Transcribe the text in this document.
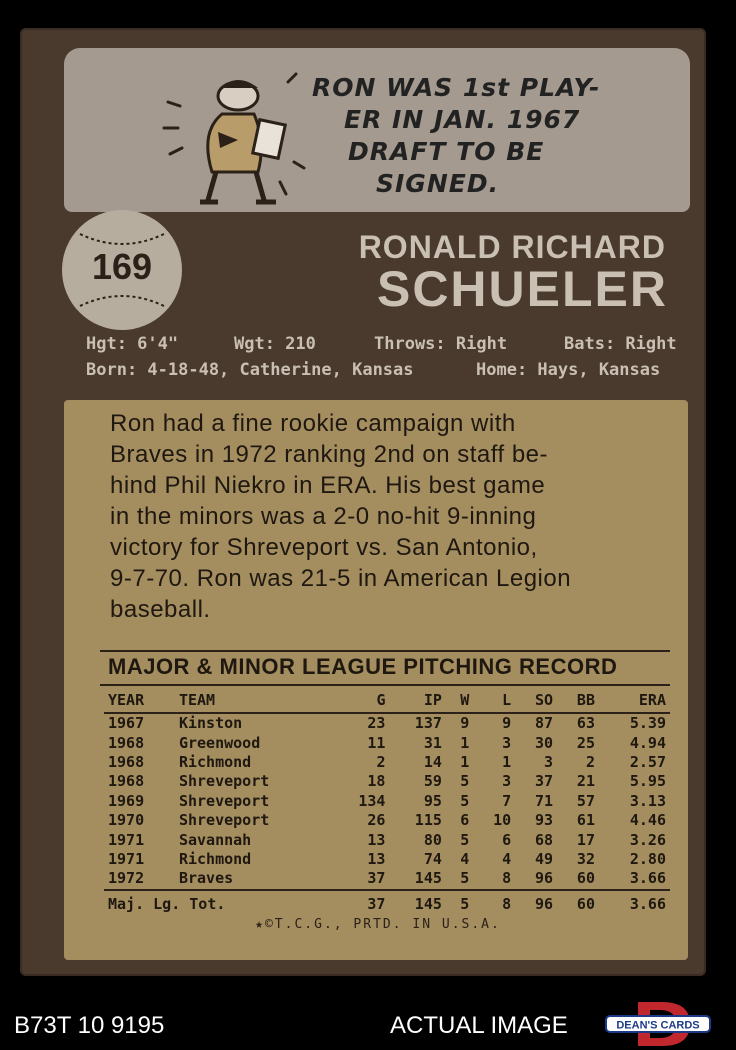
RON WAS 1st PLAY-
ER IN JAN. 1967
DRAFT TO BE
SIGNED.
169	RONALD RICHARD
SCHUELER
Hgt: 6'4"	Wgt: 210	Throws: Right	Bats: Right
Born: 4-18-48, Catherine, Kansas	Home: Hays, Kansas
Ron had a fine rookie campaign with
Braves in 1972 ranking 2nd on staff be-
hind Phil Niekro in ERA. His best game
in the minors was a 2-0 no-hit 9-inning
victory for Shreveport vs. San Antonio,
9-7-70. Ron was 21-5 in American Legion
baseball.
MAJOR & MINOR LEAGUE PITCHING RECORD
YEAR	TEAM	G	IP	W	L	SO	BB	ERA
1967	Kinston	23	137	9	9	87	63	5.39
1968	Greenwood	11	31	1	3	30	25	4.94
1968	Richmond	2	14	1	1	3	2	2.57
1968	Shreveport	18	59	5	3	37	21	5.95
1969	Shreveport	134	95	5	7	71	57	3.13
1970	Shreveport	26	115	6	10	93	61	4.46
1971	Savannah	13	80	5	6	68	17	3.26
1971	Richmond	13	74	4	4	49	32	2.80
1972	Braves	37	145	5	8	96	60	3.66
Maj. Lg. Tot.		37	145	5	8	96	60	3.66
★©T.C.G., PRTD. IN U.S.A.
B73T 10 9195	ACTUAL IMAGE	DEAN'S CARDS
